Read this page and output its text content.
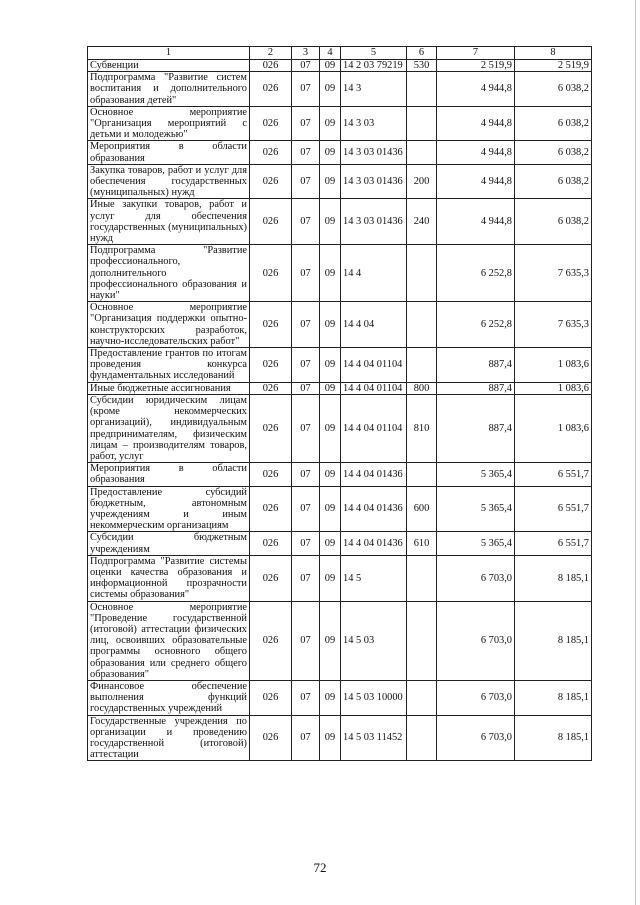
1	2	3	4	5	6	7	8
Субвенции	026	07	09	14 2 03 79219	530	2 519,9	2 519,9
Подпрограмма "Развитие систем воспитания и дополнительного образования детей"	026	07	09	14 3		4 944,8	6 038,2
Основное мероприятие "Организация мероприятий с детьми и молодежью"	026	07	09	14 3 03		4 944,8	6 038,2
Мероприятия в области образования	026	07	09	14 3 03 01436		4 944,8	6 038,2
Закупка товаров, работ и услуг для обеспечения государственных (муниципальных) нужд	026	07	09	14 3 03 01436	200	4 944,8	6 038,2
Иные закупки товаров, работ и услуг для обеспечения государственных (муниципальных) нужд	026	07	09	14 3 03 01436	240	4 944,8	6 038,2
Подпрограмма "Развитие профессионального, дополнительного профессионального образования и науки"	026	07	09	14 4		6 252,8	7 635,3
Основное мероприятие "Организация поддержки опытно-конструкторских разработок, научно-исследовательских работ"	026	07	09	14 4 04		6 252,8	7 635,3
Предоставление грантов по итогам проведения конкурса фундаментальных исследований	026	07	09	14 4 04 01104		887,4	1 083,6
Иные бюджетные ассигнования	026	07	09	14 4 04 01104	800	887,4	1 083,6
Субсидии юридическим лицам (кроме некоммерческих организаций), индивидуальным предпринимателям, физическим лицам – производителям товаров, работ, услуг	026	07	09	14 4 04 01104	810	887,4	1 083,6
Мероприятия в области образования	026	07	09	14 4 04 01436		5 365,4	6 551,7
Предоставление субсидий бюджетным, автономным учреждениям и иным некоммерческим организациям	026	07	09	14 4 04 01436	600	5 365,4	6 551,7
Субсидии бюджетным учреждениям	026	07	09	14 4 04 01436	610	5 365,4	6 551,7
Подпрограмма "Развитие системы оценки качества образования и информационной прозрачности системы образования"	026	07	09	14 5		6 703,0	8 185,1
Основное мероприятие "Проведение государственной (итоговой) аттестации физических лиц, освоивших образовательные программы основного общего образования или среднего общего образования"	026	07	09	14 5 03		6 703,0	8 185,1
Финансовое обеспечение выполнения функций государственных учреждений	026	07	09	14 5 03 10000		6 703,0	8 185,1
Государственные учреждения по организации и проведению государственной (итоговой) аттестации	026	07	09	14 5 03 11452		6 703,0	8 185,1
72
